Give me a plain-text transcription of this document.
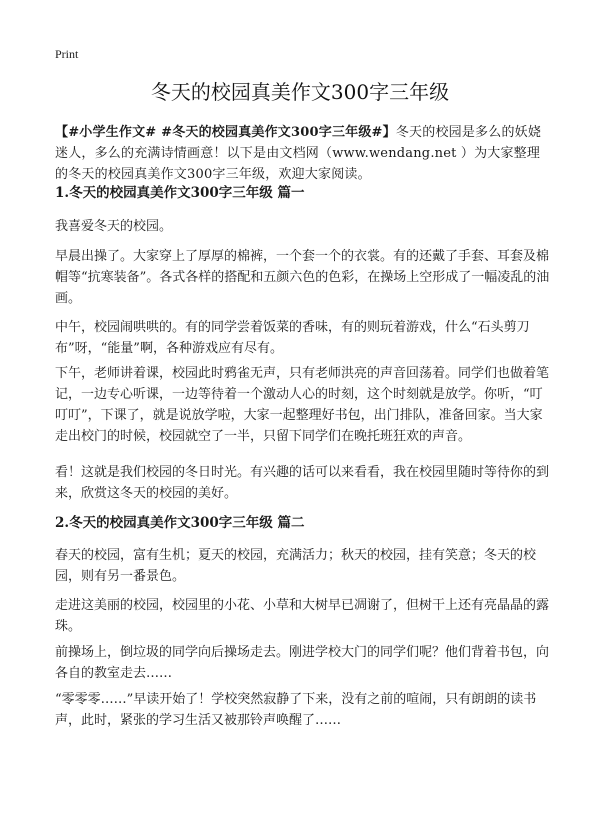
Print
冬天的校园真美作文300字三年级
【#小学生作文# #冬天的校园真美作文300字三年级#】冬天的校园是多么的妖娆迷人，多么的充满诗情画意！以下是由文档网（www.wendang.net ）为大家整理的冬天的校园真美作文300字三年级，欢迎大家阅读。
1.冬天的校园真美作文300字三年级 篇一
我喜爱冬天的校园。
早晨出操了。大家穿上了厚厚的棉裤，一个套一个的衣裳。有的还戴了手套、耳套及棉帽等“抗寒装备”。各式各样的搭配和五颜六色的色彩，在操场上空形成了一幅凌乱的油画。
中午，校园闹哄哄的。有的同学尝着饭菜的香味，有的则玩着游戏，什么“石头剪刀布”呀，“能量”啊，各种游戏应有尽有。
下午，老师讲着课，校园此时鸦雀无声，只有老师洪亮的声音回荡着。同学们也做着笔记，一边专心听课，一边等待着一个激动人心的时刻，这个时刻就是放学。你听，“叮叮叮”，下课了，就是说放学啦，大家一起整理好书包，出门排队，准备回家。当大家走出校门的时候，校园就空了一半，只留下同学们在晚托班狂欢的声音。
看！这就是我们校园的冬日时光。有兴趣的话可以来看看，我在校园里随时等待你的到来，欣赏这冬天的校园的美好。
2.冬天的校园真美作文300字三年级 篇二
春天的校园，富有生机；夏天的校园，充满活力；秋天的校园，挂有笑意；冬天的校园，则有另一番景色。
走进这美丽的校园，校园里的小花、小草和大树早已凋谢了，但树干上还有亮晶晶的露珠。
前操场上，倒垃圾的同学向后操场走去。刚进学校大门的同学们呢？他们背着书包，向各自的教室走去……
“零零零……”早读开始了！学校突然寂静了下来，没有之前的喧闹，只有朗朗的读书声，此时，紧张的学习生活又被那铃声唤醒了……
